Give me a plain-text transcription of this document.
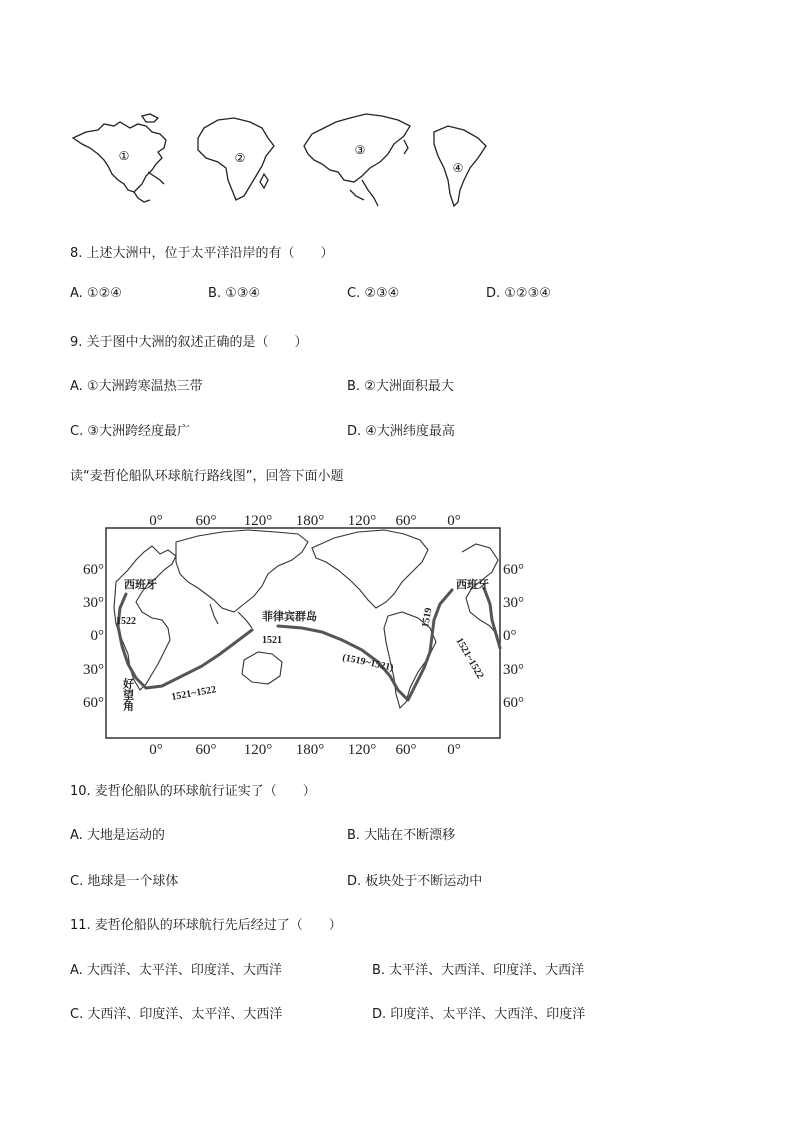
①	②
③
④
8. 上述大洲中，位于太平洋沿岸的有（　　）
A. ①②④	B. ①③④	C. ②③④	D. ①②③④
9. 关于图中大洲的叙述正确的是（　　）
A. ①大洲跨寒温热三带	B. ②大洲面积最大
C. ③大洲跨经度最广	D. ④大洲纬度最高
读“麦哲伦船队环球航行路线图”，回答下面小题
0° 60° 120° 180° 120° 60° 0°
0° 60° 120° 180° 120° 60° 0°
60°
30°
0°
30°
60°
60°
30°
0°
30°
60°
西班牙
1522	菲律宾群岛
1521
(1519~1521)
1521~1522
西班牙
1519
1521~1522
好望角
10. 麦哲伦船队的环球航行证实了（　　）
A. 大地是运动的	B. 大陆在不断漂移
C. 地球是一个球体	D. 板块处于不断运动中
11. 麦哲伦船队的环球航行先后经过了（　　）
A. 大西洋、太平洋、印度洋、大西洋	B. 太平洋、大西洋、印度洋、大西洋
C. 大西洋、印度洋、太平洋、大西洋	D. 印度洋、太平洋、大西洋、印度洋
